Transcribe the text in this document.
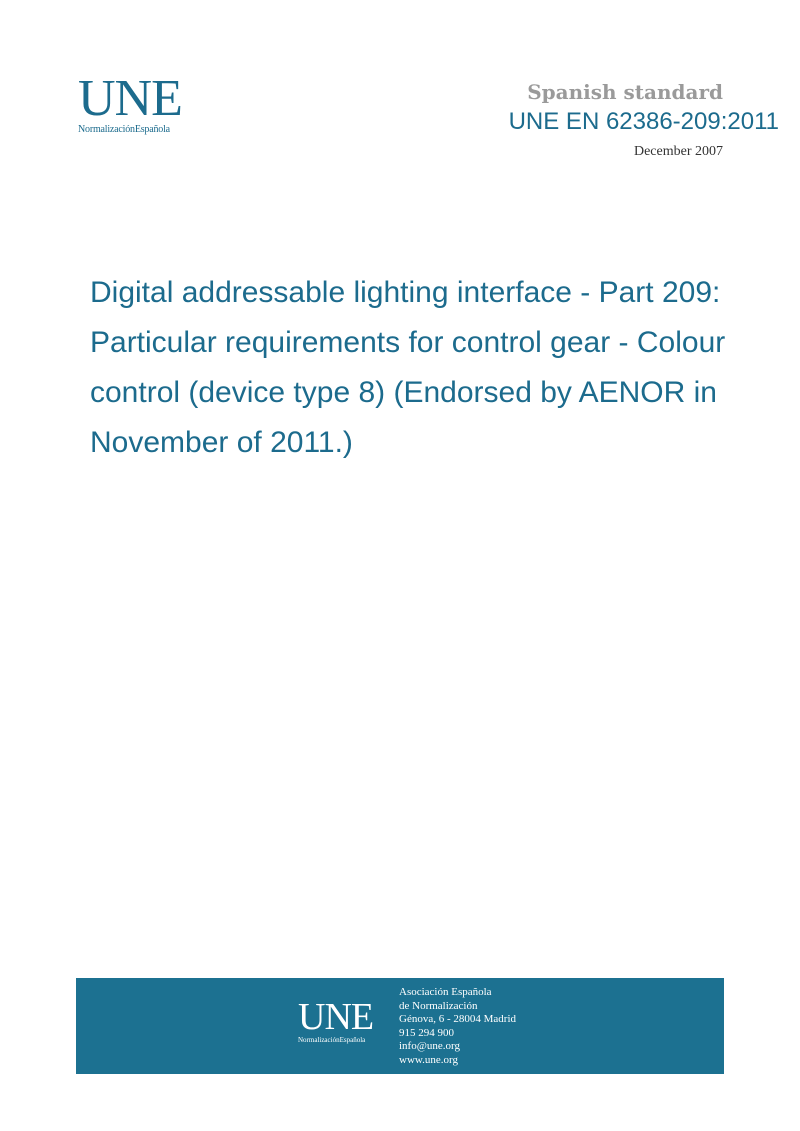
UNE
NormalizaciónEspañola
Spanish standard
UNE EN 62386-209:2011
December 2007
Digital addressable lighting interface - Part 209: Particular requirements for control gear - Colour control (device type 8) (Endorsed by AENOR in November of 2011.)
UNE
NormalizaciónEspañola
Asociación Española
de Normalización
Génova, 6 - 28004 Madrid
915 294 900
info@une.org
www.une.org
